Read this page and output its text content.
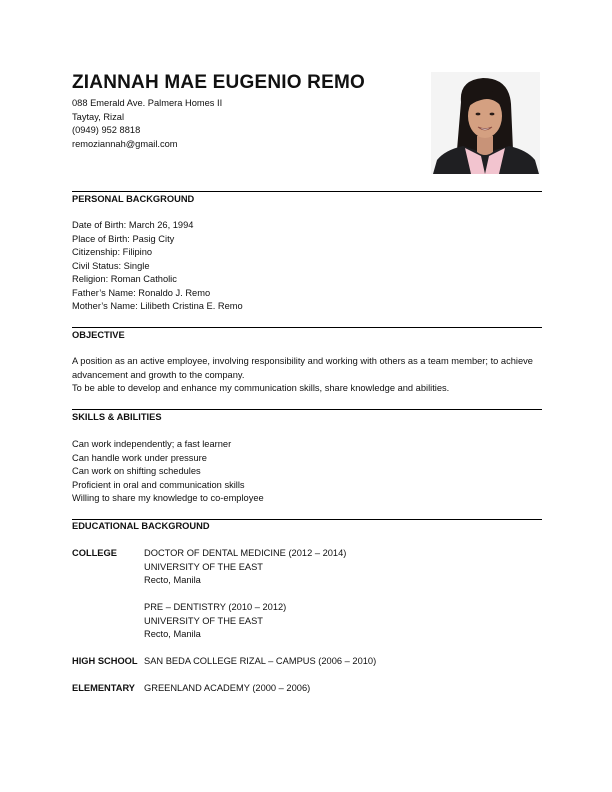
ZIANNAH MAE EUGENIO REMO
088 Emerald Ave. Palmera Homes II
Taytay, Rizal
(0949) 952 8818
remoziannah@gmail.com
PERSONAL BACKGROUND
Date of Birth: March 26, 1994
Place of Birth: Pasig City
Citizenship: Filipino
Civil Status: Single
Religion: Roman Catholic
Father’s Name: Ronaldo J. Remo
Mother’s Name: Lilibeth Cristina E. Remo
OBJECTIVE
A position as an active employee, involving responsibility and working with others as a team member; to achieve advancement and growth to the company.
To be able to develop and enhance my communication skills, share knowledge and abilities.
SKILLS & ABILITIES
Can work independently; a fast learner
Can handle work under pressure
Can work on shifting schedules
Proficient in oral and communication skills
Willing to share my knowledge to co-employee
EDUCATIONAL BACKGROUND
COLLEGE	DOCTOR OF DENTAL MEDICINE (2012 – 2014)
UNIVERSITY OF THE EAST
Recto, Manila
PRE – DENTISTRY (2010 – 2012)
UNIVERSITY OF THE EAST
Recto, Manila
HIGH SCHOOL SAN BEDA COLLEGE RIZAL – CAMPUS (2006 – 2010)
ELEMENTARY GREENLAND ACADEMY (2000 – 2006)
